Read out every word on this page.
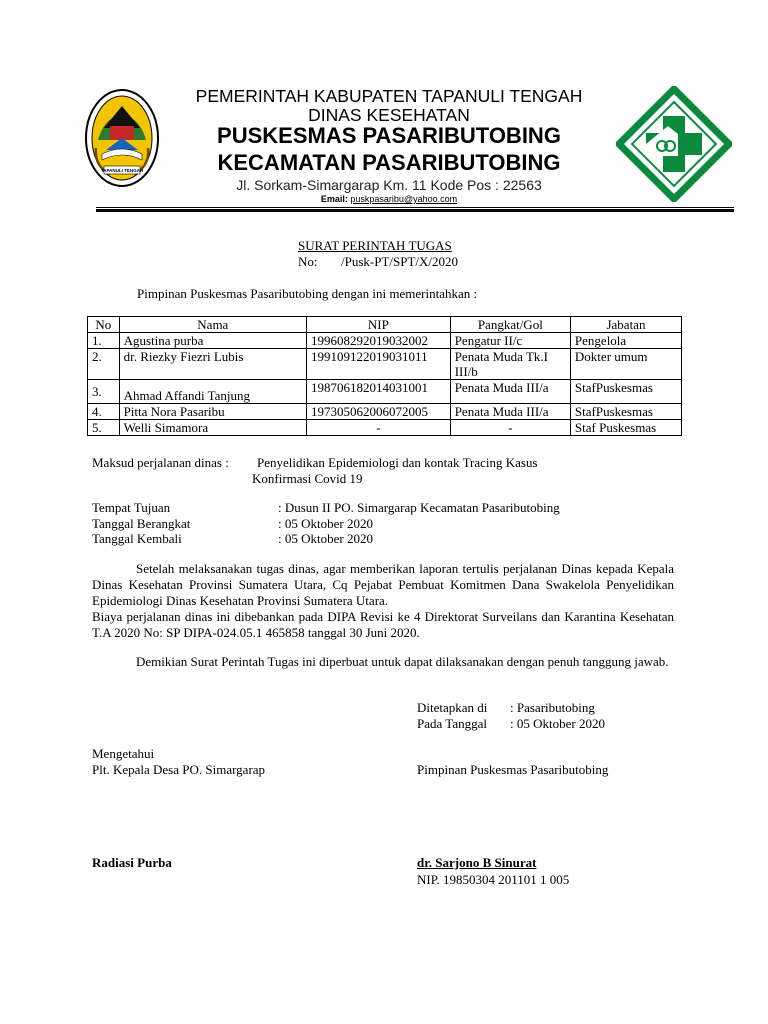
TAPANULI TENGAH
PEMERINTAH KABUPATEN TAPANULI TENGAH
DINAS KESEHATAN
PUSKESMAS PASARIBUTOBING
KECAMATAN PASARIBUTOBING
Jl. Sorkam-Simargarap Km. 11 Kode Pos : 22563
Email: puskpasaribu@yahoo.com
SURAT PERINTAH TUGAS
No: /Pusk-PT/SPT/X/2020
Pimpinan Puskesmas Pasaributobing dengan ini memerintahkan :
No	Nama	NIP	Pangkat/Gol	Jabatan
1.	Agustina purba	199608292019032002	Pengatur II/c	Pengelola
2.	dr. Riezky Fiezri Lubis	199109122019031011	Penata Muda Tk.I III/b	Dokter umum
3.	Ahmad Affandi Tanjung	198706182014031001	Penata Muda III/a	StafPuskesmas
4.	Pitta Nora Pasaribu	197305062006072005	Penata Muda III/a	StafPuskesmas
5.	Welli Simamora	-	-	Staf Puskesmas
Maksud perjalanan dinas : Penyelidikan Epidemiologi dan kontak Tracing Kasus
Konfirmasi Covid 19
Tempat Tujuan	: Dusun II PO. Simargarap Kecamatan Pasaributobing
Tanggal Berangkat	: 05 Oktober 2020
Tanggal Kembali	: 05 Oktober 2020
Setelah melaksanakan tugas dinas, agar memberikan laporan tertulis perjalanan Dinas kepada Kepala Dinas Kesehatan Provinsi Sumatera Utara, Cq Pejabat Pembuat Komitmen Dana Swakelola Penyelidikan Epidemiologi Dinas Kesehatan Provinsi Sumatera Utara.
Biaya perjalanan dinas ini dibebankan pada DIPA Revisi ke 4 Direktorat Surveilans dan Karantina Kesehatan T.A 2020 No: SP DIPA-024.05.1 465858 tanggal 30 Juni 2020.
Demikian Surat Perintah Tugas ini diperbuat untuk dapat dilaksanakan dengan penuh tanggung jawab.
Ditetapkan di : Pasaributobing
Pada Tanggal : 05 Oktober 2020
Mengetahui
Plt. Kepala Desa PO. Simargarap	Pimpinan Puskesmas Pasaributobing
Radiasi Purba	dr. Sarjono B Sinurat
NIP. 19850304 201101 1 005
